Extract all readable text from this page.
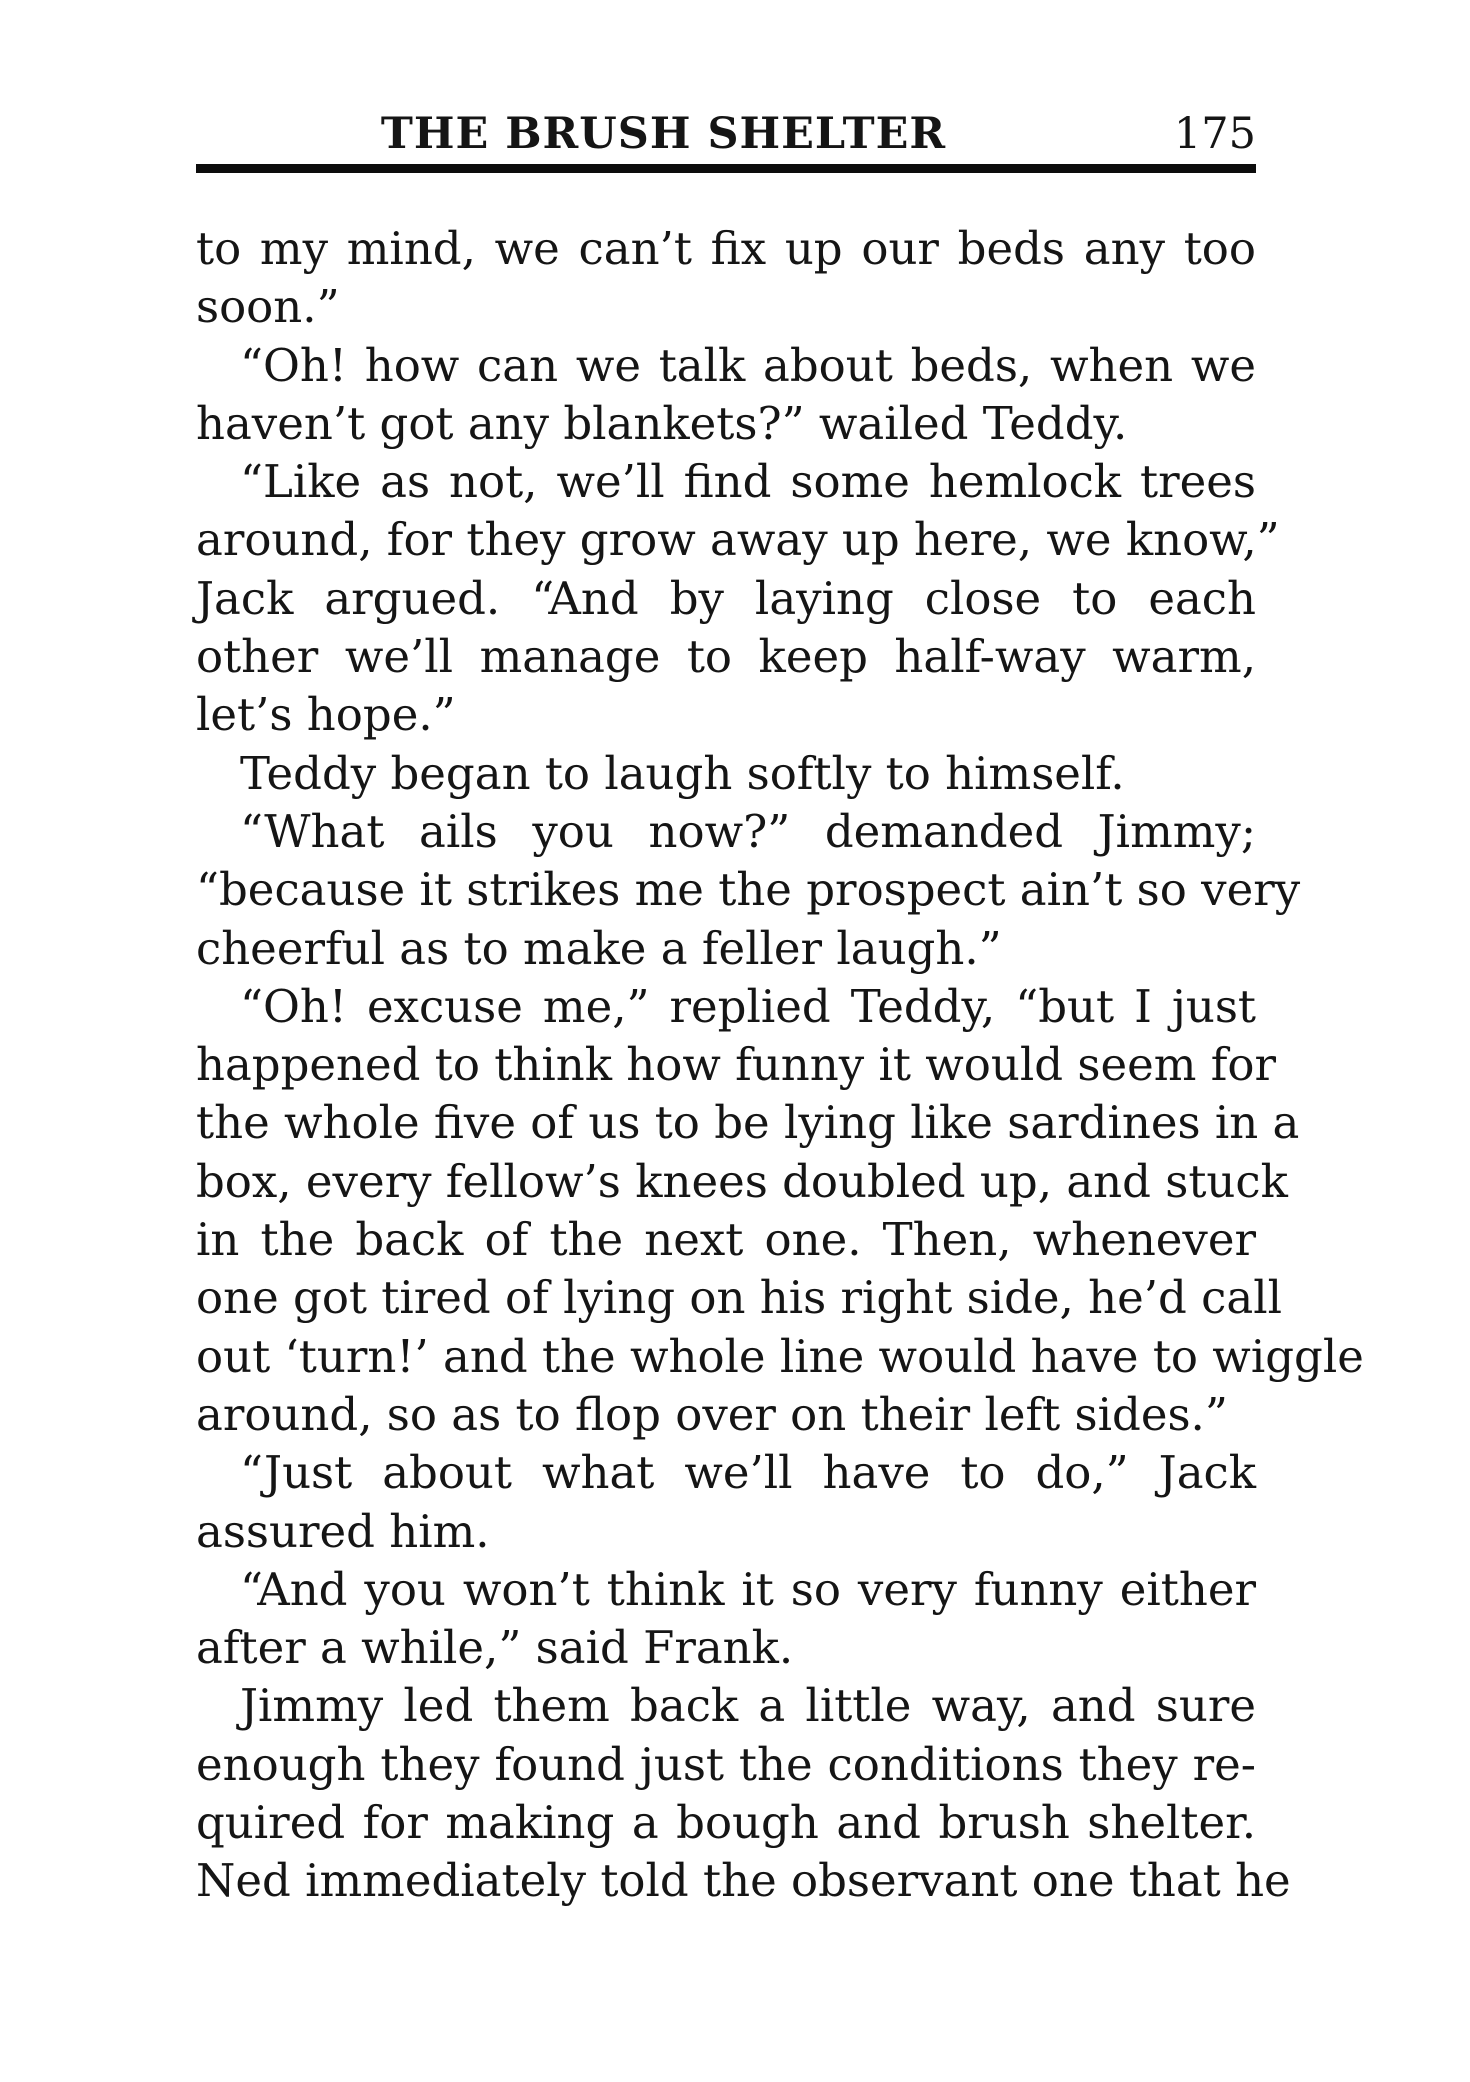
THE BRUSH SHELTER	175
to my mind, we can’t fix up our beds any too
soon.”
“Oh! how can we talk about beds, when we
haven’t got any blankets?” wailed Teddy.
“Like as not, we’ll find some hemlock trees
around, for they grow away up here, we know,”
Jack argued. “And by laying close to each
other we’ll manage to keep half-way warm,
let’s hope.”
Teddy began to laugh softly to himself.
“What ails you now?” demanded Jimmy;
“because it strikes me the prospect ain’t so very
cheerful as to make a feller laugh.”
“Oh! excuse me,” replied Teddy, “but I just
happened to think how funny it would seem for
the whole five of us to be lying like sardines in a
box, every fellow’s knees doubled up, and stuck
in the back of the next one. Then, whenever
one got tired of lying on his right side, he’d call
out ‘turn!’ and the whole line would have to wiggle
around, so as to flop over on their left sides.”
“Just about what we’ll have to do,” Jack
assured him.
“And you won’t think it so very funny either
after a while,” said Frank.
Jimmy led them back a little way, and sure
enough they found just the conditions they re-
quired for making a bough and brush shelter.
Ned immediately told the observant one that he
